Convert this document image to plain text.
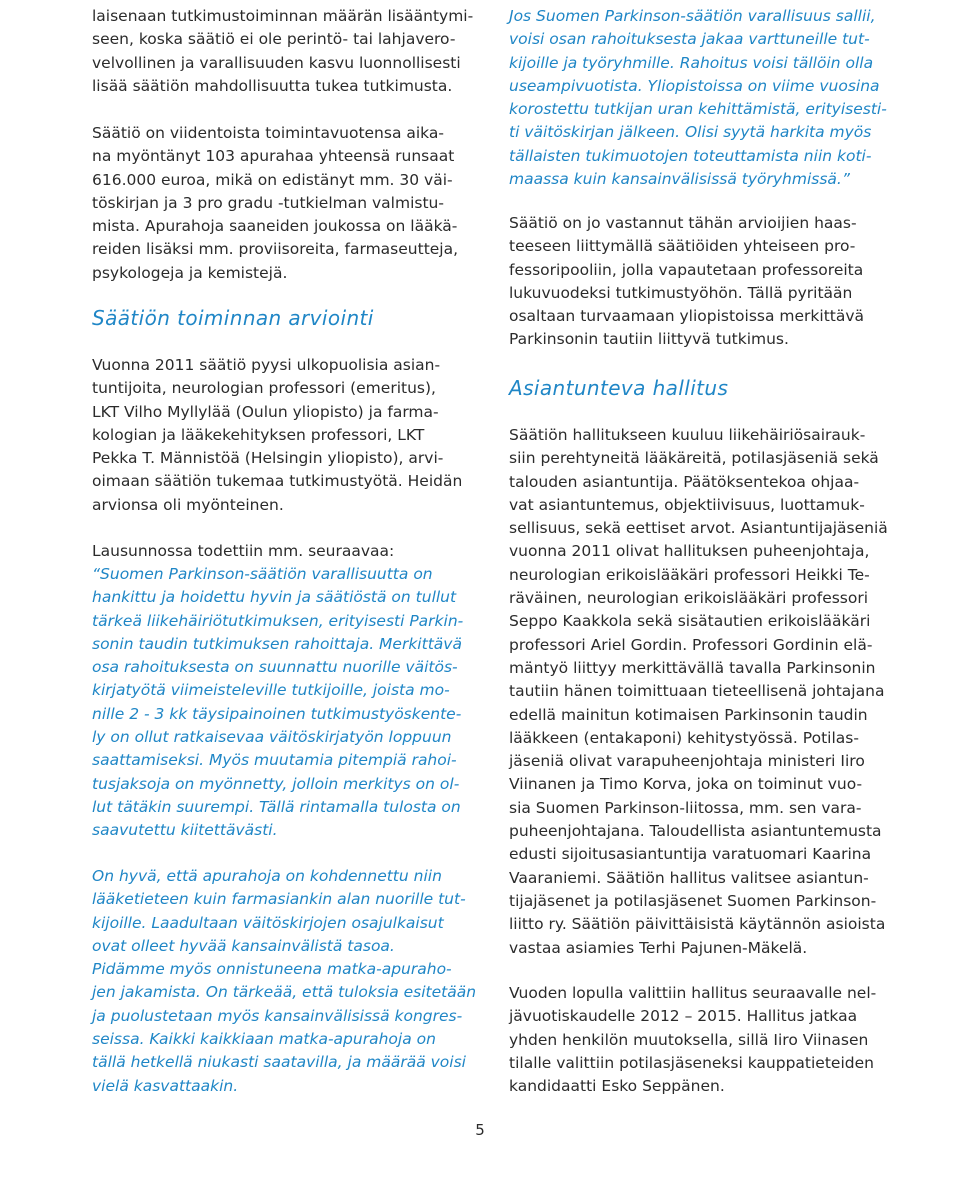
laisenaan tutkimustoiminnan määrän lisääntymi-
seen, koska säätiö ei ole perintö- tai lahjavero-
velvollinen ja varallisuuden kasvu luonnollisesti
lisää säätiön mahdollisuutta tukea tutkimusta.
Säätiö on viidentoista toimintavuotensa aika-
na myöntänyt 103 apurahaa yhteensä runsaat
616.000 euroa, mikä on edistänyt mm. 30 väi-
töskirjan ja 3 pro gradu -tutkielman valmistu-
mista. Apurahoja saaneiden joukossa on lääkä-
reiden lisäksi mm. proviisoreita, farmaseutteja,
psykologeja ja kemistejä.
Säätiön toiminnan arviointi
Vuonna 2011 säätiö pyysi ulkopuolisia asian-
tuntijoita, neurologian professori (emeritus),
LKT Vilho Myllylää (Oulun yliopisto) ja farma-
kologian ja lääkekehityksen professori, LKT
Pekka T. Männistöä (Helsingin yliopisto), arvi-
oimaan säätiön tukemaa tutkimustyötä. Heidän
arvionsa oli myönteinen.
Lausunnossa todettiin mm. seuraavaa:
“Suomen Parkinson-säätiön varallisuutta on
hankittu ja hoidettu hyvin ja säätiöstä on tullut
tärkeä liikehäiriötutkimuksen, erityisesti Parkin-
sonin taudin tutkimuksen rahoittaja. Merkittävä
osa rahoituksesta on suunnattu nuorille väitös-
kirjatyötä viimeisteleville tutkijoille, joista mo-
nille 2 - 3 kk täysipainoinen tutkimustyöskente-
ly on ollut ratkaisevaa väitöskirjatyön loppuun
saattamiseksi. Myös muutamia pitempiä rahoi-
tusjaksoja on myönnetty, jolloin merkitys on ol-
lut tätäkin suurempi. Tällä rintamalla tulosta on
saavutettu kiitettävästi.
On hyvä, että apurahoja on kohdennettu niin
lääketieteen kuin farmasiankin alan nuorille tut-
kijoille. Laadultaan väitöskirjojen osajulkaisut
ovat olleet hyvää kansainvälistä tasoa.
Pidämme myös onnistuneena matka-apuraho-
jen jakamista. On tärkeää, että tuloksia esitetään
ja puolustetaan myös kansainvälisissä kongres-
seissa. Kaikki kaikkiaan matka-apurahoja on
tällä hetkellä niukasti saatavilla, ja määrää voisi
vielä kasvattaakin.
Jos Suomen Parkinson-säätiön varallisuus sallii,
voisi osan rahoituksesta jakaa varttuneille tut-
kijoille ja työryhmille. Rahoitus voisi tällöin olla
useampivuotista. Yliopistoissa on viime vuosina
korostettu tutkijan uran kehittämistä, erityisesti-
ti väitöskirjan jälkeen. Olisi syytä harkita myös
tällaisten tukimuotojen toteuttamista niin koti-
maassa kuin kansainvälisissä työryhmissä.”
Säätiö on jo vastannut tähän arvioijien haas-
teeseen liittymällä säätiöiden yhteiseen pro-
fessoripooliin, jolla vapautetaan professoreita
lukuvuodeksi tutkimustyöhön. Tällä pyritään
osaltaan turvaamaan yliopistoissa merkittävä
Parkinsonin tautiin liittyvä tutkimus.
Asiantunteva hallitus
Säätiön hallitukseen kuuluu liikehäiriösairauk-
siin perehtyneitä lääkäreitä, potilasjäseniä sekä
talouden asiantuntija. Päätöksentekoa ohjaa-
vat asiantuntemus, objektiivisuus, luottamuk-
sellisuus, sekä eettiset arvot. Asiantuntijajäseniä
vuonna 2011 olivat hallituksen puheenjohtaja,
neurologian erikoislääkäri professori Heikki Te-
räväinen, neurologian erikoislääkäri professori
Seppo Kaakkola sekä sisätautien erikoislääkäri
professori Ariel Gordin. Professori Gordinin elä-
mäntyö liittyy merkittävällä tavalla Parkinsonin
tautiin hänen toimittuaan tieteellisenä johtajana
edellä mainitun kotimaisen Parkinsonin taudin
lääkkeen (entakaponi) kehitystyössä. Potilas-
jäseniä olivat varapuheenjohtaja ministeri Iiro
Viinanen ja Timo Korva, joka on toiminut vuo-
sia Suomen Parkinson-liitossa, mm. sen vara-
puheenjohtajana. Taloudellista asiantuntemusta
edusti sijoitusasiantuntija varatuomari Kaarina
Vaaraniemi. Säätiön hallitus valitsee asiantun-
tijajäsenet ja potilasjäsenet Suomen Parkinson-
liitto ry. Säätiön päivittäisistä käytännön asioista
vastaa asiamies Terhi Pajunen-Mäkelä.
Vuoden lopulla valittiin hallitus seuraavalle nel-
jävuotiskaudelle 2012 – 2015. Hallitus jatkaa
yhden henkilön muutoksella, sillä Iiro Viinasen
tilalle valittiin potilasjäseneksi kauppatieteiden
kandidaatti Esko Seppänen.
5
